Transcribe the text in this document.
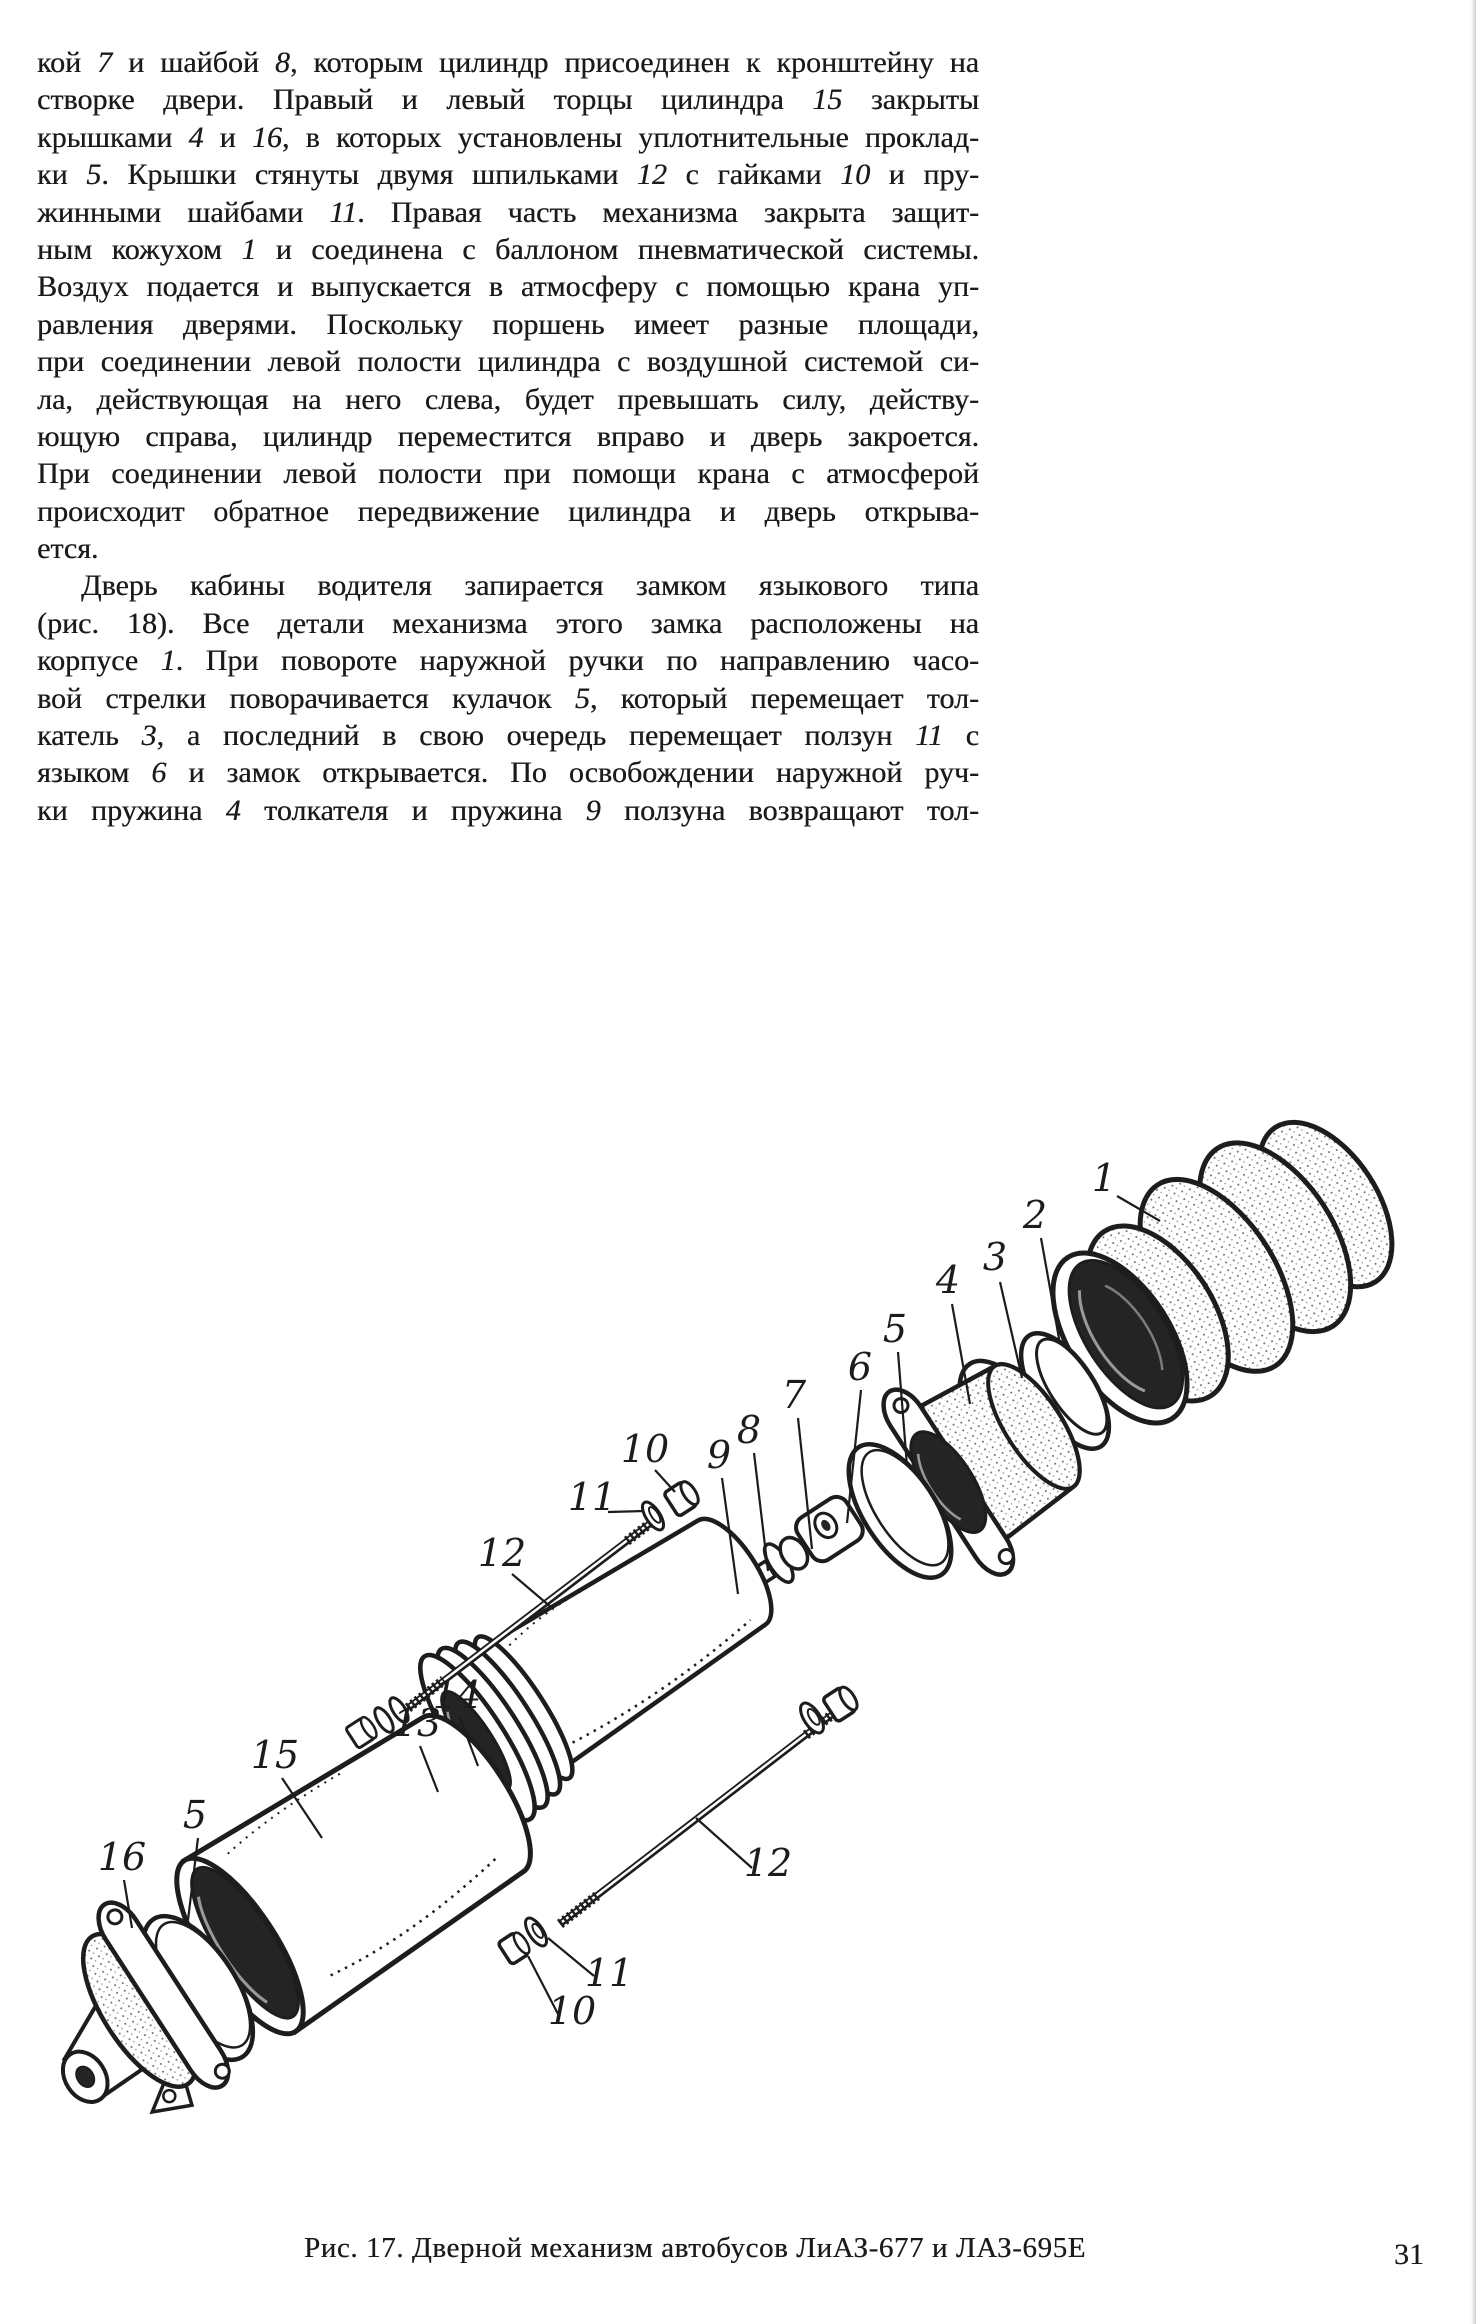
кой 7 и шайбой 8, которым цилиндр присоединен к кронштейну на
створке двери. Правый и левый торцы цилиндра 15 закрыты
крышками 4 и 16, в которых установлены уплотнительные проклад-
ки 5. Крышки стянуты двумя шпильками 12 с гайками 10 и пру-
жинными шайбами 11. Правая часть механизма закрыта защит-
ным кожухом 1 и соединена с баллоном пневматической системы.
Воздух подается и выпускается в атмосферу с помощью крана уп-
равления дверями. Поскольку поршень имеет разные площади,
при соединении левой полости цилиндра с воздушной системой си-
ла, действующая на него слева, будет превышать силу, действу-
ющую справа, цилиндр переместится вправо и дверь закроется.
При соединении левой полости при помощи крана с атмосферой
происходит обратное передвижение цилиндра и дверь открыва-
ется.
Дверь кабины водителя запирается замком языкового типа
(рис. 18). Все детали механизма этого замка расположены на
корпусе 1. При повороте наружной ручки по направлению часо-
вой стрелки поворачивается кулачок 5, который перемещает тол-
катель 3, а последний в свою очередь перемещает ползун 11 с
языком 6 и замок открывается. По освобождении наружной руч-
ки пружина 4 толкателя и пружина 9 ползуна возвращают тол-
1
2
3
4
5
6
7
8
9
10
11
12
14
13
15
5
16	12
11
10
Рис. 17. Дверной механизм автобусов ЛиАЗ-677 и ЛАЗ-695Е	31
